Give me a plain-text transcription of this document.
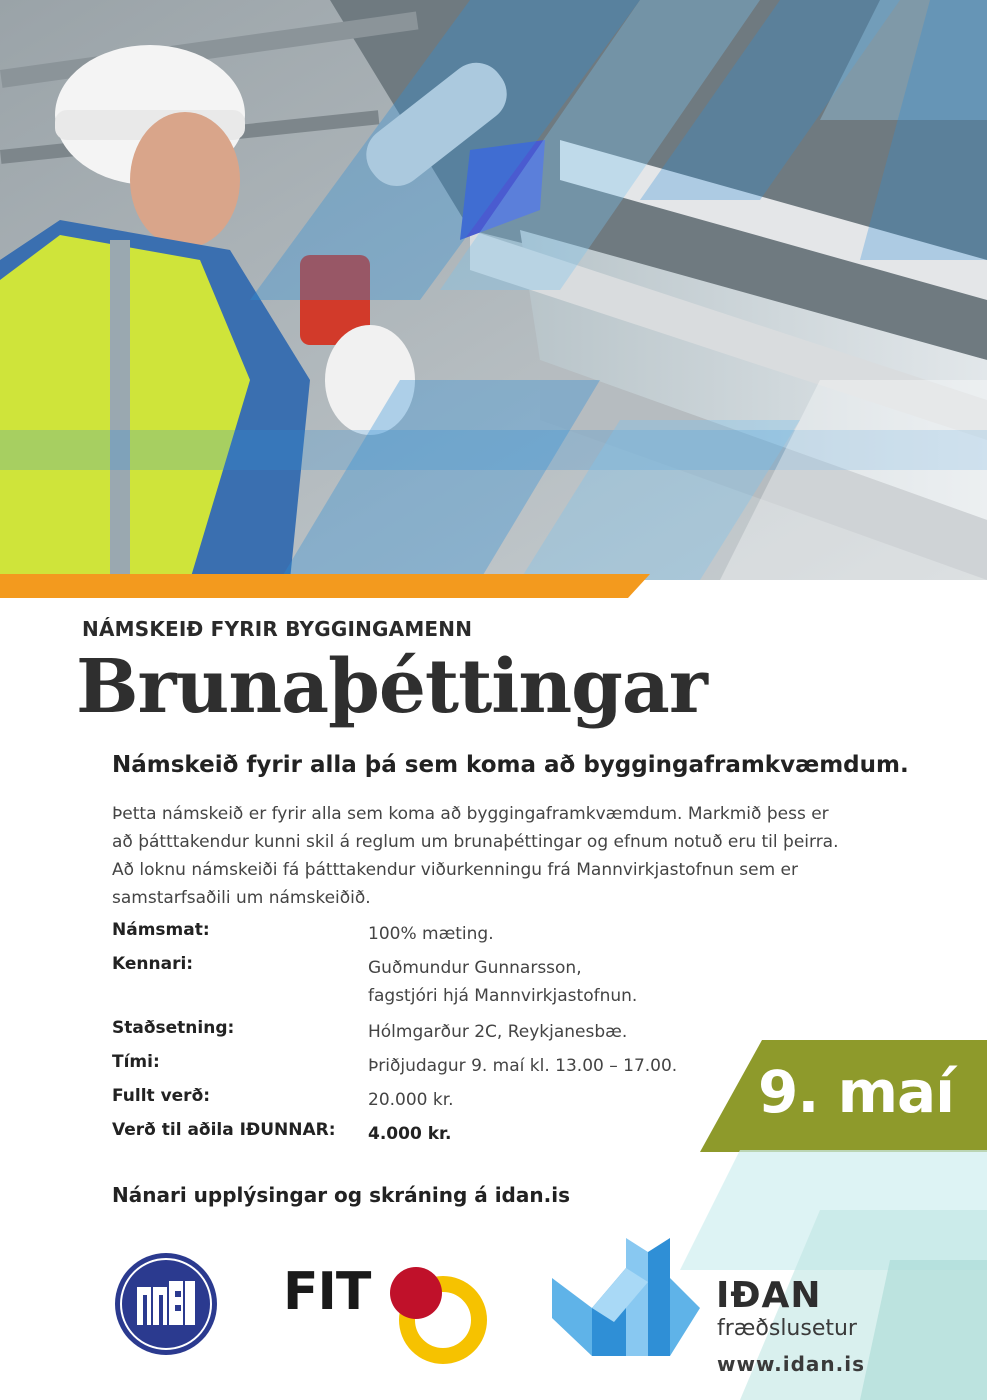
NÁMSKEIÐ FYRIR BYGGINGAMENN
Brunaþéttingar
Námskeið fyrir alla þá sem koma að byggingaframkvæmdum.
Þetta námskeið er fyrir alla sem koma að byggingaframkvæmdum. Markmið þess er að þátttakendur kunni skil á reglum um brunaþéttingar og efnum notuð eru til þeirra. Að loknu námskeiði fá þátttakendur viðurkenningu frá Mannvirkjastofnun sem er samstarfsaðili um námskeiðið.
Námsmat:	100% mæting.
Kennari:	Guðmundur Gunnarsson,
fagstjóri hjá Mannvirkjastofnun.
Staðsetning:	Hólmgarður 2C, Reykjanesbæ.
Tími:	Þriðjudagur 9. maí kl. 13.00 – 17.00.
Fullt verð:	20.000 kr.
Verð til aðila IÐUNNAR:	4.000 kr.
Nánari upplýsingar og skráning á idan.is
9. maí
FIT	IÐAN
fræðslusetur
www.idan.is
